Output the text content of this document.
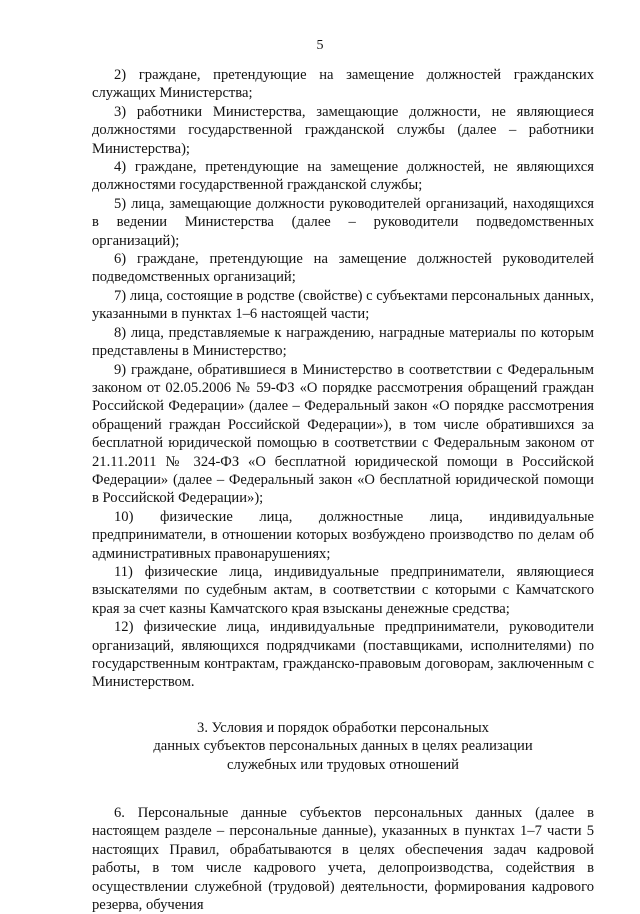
5

2) граждане, претендующие на замещение должностей гражданских служащих Министерства;

3) работники Министерства, замещающие должности, не являющиеся должностями государственной гражданской службы (далее – работники Министерства);

4) граждане, претендующие на замещение должностей, не являющихся должностями государственной гражданской службы;

5) лица, замещающие должности руководителей организаций, находящихся в ведении Министерства (далее – руководители подведомственных организаций);

6) граждане, претендующие на замещение должностей руководителей подведомственных организаций;

7) лица, состоящие в родстве (свойстве) с субъектами персональных данных, указанными в пунктах 1–6 настоящей части;

8) лица, представляемые к награждению, наградные материалы по которым представлены в Министерство;

9) граждане, обратившиеся в Министерство в соответствии с Федеральным законом от 02.05.2006 № 59-ФЗ «О порядке рассмотрения обращений граждан Российской Федерации» (далее – Федеральный закон «О порядке рассмотрения обращений граждан Российской Федерации»), в том числе обратившихся за бесплатной юридической помощью в соответствии с Федеральным законом от 21.11.2011 № 324-ФЗ «О бесплатной юридической помощи в Российской Федерации» (далее – Федеральный закон «О бесплатной юридической помощи в Российской Федерации»);

10) физические лица, должностные лица, индивидуальные предприниматели, в отношении которых возбуждено производство по делам об административных правонарушениях;

11) физические лица, индивидуальные предприниматели, являющиеся взыскателями по судебным актам, в соответствии с которыми с Камчатского края за счет казны Камчатского края взысканы денежные средства;

12) физические лица, индивидуальные предприниматели, руководители организаций, являющихся подрядчиками (поставщиками, исполнителями) по государственным контрактам, гражданско-правовым договорам, заключенным с Министерством.

3. Условия и порядок обработки персональных
данных субъектов персональных данных в целях реализации
служебных или трудовых отношений

6. Персональные данные субъектов персональных данных (далее в настоящем разделе – персональные данные), указанных в пунктах 1–7 части 5 настоящих Правил, обрабатываются в целях обеспечения задач кадровой работы, в том числе кадрового учета, делопроизводства, содействия в осуществлении служебной (трудовой) деятельности, формирования кадрового резерва, обучения
